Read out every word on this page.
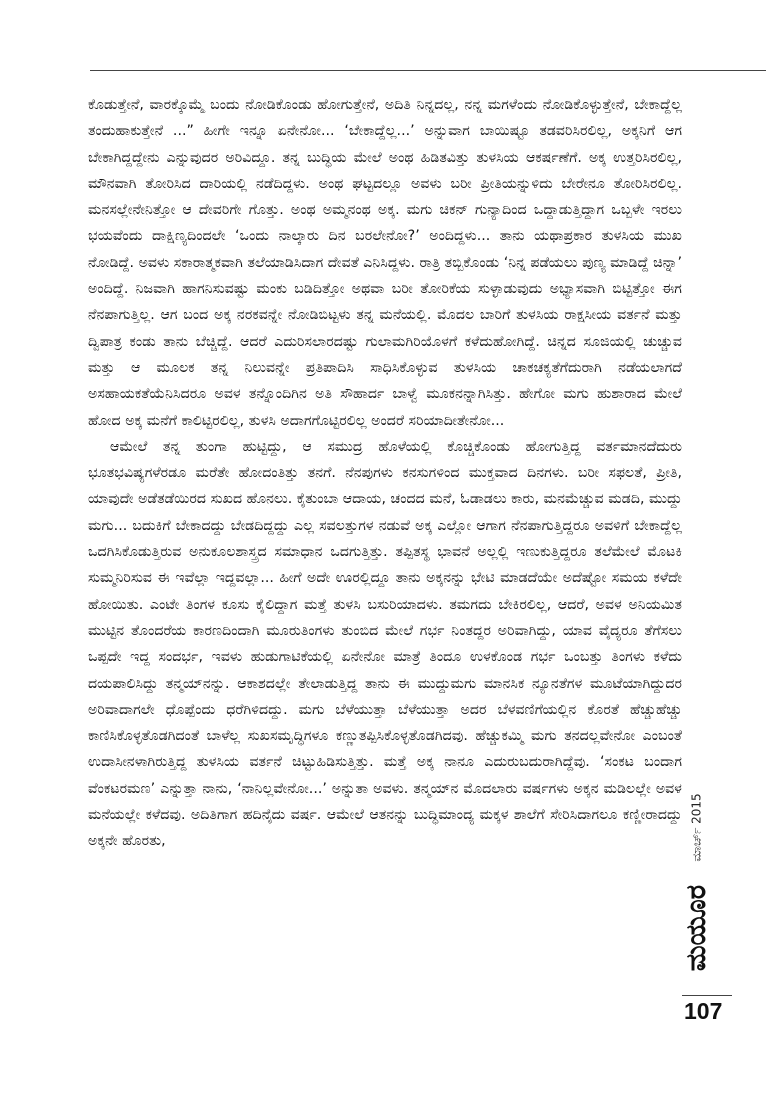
ಕೊಡುತ್ತೇನೆ, ವಾರಕ್ಕೊಮ್ಮೆ ಬಂದು ನೋಡಿಕೊಂಡು ಹೋಗುತ್ತೇನೆ, ಅದಿತಿ ನಿನ್ನದಲ್ಲ, ನನ್ನ ಮಗಳೆಂದು ನೋಡಿಕೊಳ್ಳುತ್ತೇನೆ, ಬೇಕಾದ್ದೆಲ್ಲ ತಂದುಹಾಕುತ್ತೇನೆ ...” ಹೀಗೇ ಇನ್ನೂ ಏನೇನೋ... ‘ಬೇಕಾದ್ದೆಲ್ಲ...’ ಅನ್ನುವಾಗ ಬಾಯಿಷ್ಟೂ ತಡವರಿಸಿರಲಿಲ್ಲ, ಅಕ್ಕನಿಗೆ ಆಗ ಬೇಕಾಗಿದ್ದದ್ದೇನು ಎನ್ನುವುದರ ಅರಿವಿದ್ದೂ. ತನ್ನ ಬುದ್ಧಿಯ ಮೇಲೆ ಅಂಥ ಹಿಡಿತವಿತ್ತು ತುಳಸಿಯ ಆಕರ್ಷಣೆಗೆ. ಅಕ್ಕ ಉತ್ತರಿಸಿರಲಿಲ್ಲ, ಮೌನವಾಗಿ ತೋರಿಸಿದ ದಾರಿಯಲ್ಲಿ ನಡೆದಿದ್ದಳು. ಅಂಥ ಘಟ್ಟದಲ್ಲೂ ಅವಳು ಬರೀ ಪ್ರೀತಿಯನ್ನುಳಿದು ಬೇರೇನೂ ತೋರಿಸಿರಲಿಲ್ಲ. ಮನಸಲ್ಲೇನೇನಿತ್ತೋ ಆ ದೇವರಿಗೇ ಗೊತ್ತು. ಅಂಥ ಅಮ್ಮನಂಥ ಅಕ್ಕ. ಮಗು ಚಿಕನ್ ಗುನ್ಯಾದಿಂದ ಒದ್ದಾಡುತ್ತಿದ್ದಾಗ ಒಬ್ಬಳೇ ಇರಲು ಭಯವೆಂದು ದಾಕ್ಷಿಣ್ಯದಿಂದಲೇ ‘ಒಂದು ನಾಲ್ಕಾರು ದಿನ ಬರಲೇನೋ?’ ಅಂದಿದ್ದಳು... ತಾನು ಯಥಾಪ್ರಕಾರ ತುಳಸಿಯ ಮುಖ ನೋಡಿದ್ದೆ. ಅವಳು ಸಕಾರಾತ್ಮಕವಾಗಿ ತಲೆಯಾಡಿಸಿದಾಗ ದೇವತೆ ಎನಿಸಿದ್ದಳು. ರಾತ್ರಿ ತಬ್ಬಿಕೊಂಡು ‘ನಿನ್ನ ಪಡೆಯಲು ಪುಣ್ಯ ಮಾಡಿದ್ದೆ ಚಿನ್ನಾ’ ಅಂದಿದ್ದೆ. ನಿಜವಾಗಿ ಹಾಗನಿಸುವಷ್ಟು ಮಂಕು ಬಡಿದಿತ್ತೋ ಅಥವಾ ಬರೀ ತೋರಿಕೆಯ ಸುಳ್ಳಾಡುವುದು ಅಭ್ಯಾಸವಾಗಿ ಬಿಟ್ಟಿತ್ತೋ ಈಗ ನೆನಪಾಗುತ್ತಿಲ್ಲ. ಆಗ ಬಂದ ಅಕ್ಕ ನರಕವನ್ನೇ ನೋಡಿಬಿಟ್ಟಳು ತನ್ನ ಮನೆಯಲ್ಲಿ. ಮೊದಲ ಬಾರಿಗೆ ತುಳಸಿಯ ರಾಕ್ಷಸೀಯ ವರ್ತನೆ ಮತ್ತು ದ್ವಿಪಾತ್ರ ಕಂಡು ತಾನು ಬೆಚ್ಚಿದ್ದೆ. ಆದರೆ ಎದುರಿಸಲಾರದಷ್ಟು ಗುಲಾಮಗಿರಿಯೊಳಗೆ ಕಳೆದುಹೋಗಿದ್ದೆ. ಚಿನ್ನದ ಸೂಜಿಯಲ್ಲಿ ಚುಚ್ಚುವ ಮತ್ತು ಆ ಮೂಲಕ ತನ್ನ ನಿಲುವನ್ನೇ ಪ್ರತಿಪಾದಿಸಿ ಸಾಧಿಸಿಕೊಳ್ಳುವ ತುಳಸಿಯ ಚಾಕಚಕ್ಯತೆಗೆದುರಾಗಿ ನಡೆಯಲಾಗದೆ ಅಸಹಾಯಕತೆಯೆನಿಸಿದರೂ ಅವಳ ತನ್ನೊಂದಿಗಿನ ಅತಿ ಸೌಹಾರ್ದ ಬಾಳ್ವೆ ಮೂಕನನ್ನಾಗಿಸಿತ್ತು. ಹೇಗೋ ಮಗು ಹುಶಾರಾದ ಮೇಲೆ ಹೋದ ಅಕ್ಕ ಮನೆಗೆ ಕಾಲಿಟ್ಟಿರಲಿಲ್ಲ, ತುಳಸಿ ಅದಾಗಗೊಟ್ಟಿರಲಿಲ್ಲ ಅಂದರೆ ಸರಿಯಾದೀತೇನೋ...

ಆಮೇಲೆ ತನ್ನ ತುಂಗಾ ಹುಟ್ಟಿದ್ದು, ಆ ಸಮುದ್ರ ಹೊಳೆಯಲ್ಲಿ ಕೊಚ್ಚಿಕೊಂಡು ಹೋಗುತ್ತಿದ್ದ ವರ್ತಮಾನದೆದುರು ಭೂತಭವಿಷ್ಯಗಳೆರಡೂ ಮರೆತೇ ಹೋದಂತಿತ್ತು ತನಗೆ. ನೆನಪುಗಳು ಕನಸುಗಳಿಂದ ಮುಕ್ತವಾದ ದಿನಗಳು. ಬರೀ ಸಫಲತೆ, ಪ್ರೀತಿ, ಯಾವುದೇ ಅಡೆತಡೆಯಿರದ ಸುಖದ ಹೊನಲು. ಕೈತುಂಬಾ ಆದಾಯ, ಚಂದದ ಮನೆ, ಓಡಾಡಲು ಕಾರು, ಮನಮೆಚ್ಚುವ ಮಡದಿ, ಮುದ್ದು ಮಗು... ಬದುಕಿಗೆ ಬೇಕಾದದ್ದು ಬೇಡದಿದ್ದದ್ದು ಎಲ್ಲ ಸವಲತ್ತುಗಳ ನಡುವೆ ಅಕ್ಕ ಎಲ್ಲೋ ಆಗಾಗ ನೆನಪಾಗುತ್ತಿದ್ದರೂ ಅವಳಿಗೆ ಬೇಕಾದ್ದೆಲ್ಲ ಒದಗಿಸಿಕೊಡುತ್ತಿರುವ ಅನುಕೂಲಶಾಸ್ತ್ರದ ಸಮಾಧಾನ ಒದಗುತ್ತಿತ್ತು. ತಪ್ಪಿತಸ್ಥ ಭಾವನೆ ಅಲ್ಲಲ್ಲಿ ಇಣುಕುತ್ತಿದ್ದರೂ ತಲೆಮೇಲೆ ಮೊಟಕಿ ಸುಮ್ಮನಿರಿಸುವ ಈ ಇವೆಲ್ಲಾ ಇದ್ದವಲ್ಲಾ... ಹೀಗೆ ಅದೇ ಊರಲ್ಲಿದ್ದೂ ತಾನು ಅಕ್ಕನನ್ನು ಭೇಟಿ ಮಾಡದೆಯೇ ಅದೆಷ್ಟೋ ಸಮಯ ಕಳೆದೇ ಹೋಯಿತು. ಎಂಟೇ ತಿಂಗಳ ಕೂಸು ಕೈಲಿದ್ದಾಗ ಮತ್ತೆ ತುಳಸಿ ಬಸುರಿಯಾದಳು. ತಮಗದು ಬೇಕಿರಲಿಲ್ಲ, ಆದರೆ, ಅವಳ ಅನಿಯಮಿತ ಮುಟ್ಟಿನ ತೊಂದರೆಯ ಕಾರಣದಿಂದಾಗಿ ಮೂರುತಿಂಗಳು ತುಂಬಿದ ಮೇಲೆ ಗರ್ಭ ನಿಂತದ್ದರ ಅರಿವಾಗಿದ್ದು, ಯಾವ ವೈದ್ಯರೂ ತೆಗೆಸಲು ಒಪ್ಪದೇ ಇದ್ದ ಸಂದರ್ಭ, ಇವಳು ಹುಡುಗಾಟಿಕೆಯಲ್ಲಿ ಏನೇನೋ ಮಾತ್ರೆ ತಿಂದೂ ಉಳಕೊಂಡ ಗರ್ಭ ಒಂಬತ್ತು ತಿಂಗಳು ಕಳೆದು ದಯಪಾಲಿಸಿದ್ದು ತನ್ಮಯ್‌ನನ್ನು. ಆಕಾಶದಲ್ಲೇ ತೇಲಾಡುತ್ತಿದ್ದ ತಾನು ಈ ಮುದ್ದುಮಗು ಮಾನಸಿಕ ನ್ಯೂನತೆಗಳ ಮೂಟೆಯಾಗಿದ್ದುದರ ಅರಿವಾದಾಗಲೇ ಧೊಪ್ಪೆಂದು ಧರೆಗಿಳಿದದ್ದು. ಮಗು ಬೆಳೆಯುತ್ತಾ ಬೆಳೆಯುತ್ತಾ ಅದರ ಬೆಳವಣಿಗೆಯಲ್ಲಿನ ಕೊರತೆ ಹೆಚ್ಚುಹೆಚ್ಚು ಕಾಣಿಸಿಕೊಳ್ಳತೊಡಗಿದಂತೆ ಬಾಳೆಲ್ಲ ಸುಖಸಮೃದ್ಧಿಗಳೂ ಕಣ್ಣುತಪ್ಪಿಸಿಕೊಳ್ಳತೊಡಗಿದವು. ಹೆಚ್ಚುಕಮ್ಮಿ ಮಗು ತನದಲ್ಲವೇನೋ ಎಂಬಂತೆ ಉದಾಸೀನಳಾಗಿರುತ್ತಿದ್ದ ತುಳಸಿಯ ವರ್ತನೆ ಚಿಟ್ಟುಹಿಡಿಸುತ್ತಿತ್ತು. ಮತ್ತೆ ಅಕ್ಕ ನಾನೂ ಎದುರುಬದುರಾಗಿದ್ದೆವು. ‘ಸಂಕಟ ಬಂದಾಗ ವೆಂಕಟರಮಣ’ ಎನ್ನುತ್ತಾ ನಾನು, ‘ನಾನಿಲ್ಲವೇನೋ...’ ಅನ್ನುತಾ ಅವಳು. ತನ್ಮಯ್‌ನ ಮೊದಲಾರು ವರ್ಷಗಳು ಅಕ್ಕನ ಮಡಿಲಲ್ಲೇ ಅವಳ ಮನೆಯಲ್ಲೇ ಕಳೆದವು. ಅದಿತಿಗಾಗ ಹದಿನೈದು ವರ್ಷ. ಆಮೇಲೆ ಆತನನ್ನು ಬುದ್ಧಿಮಾಂದ್ಯ ಮಕ್ಕಳ ಶಾಲೆಗೆ ಸೇರಿಸಿದಾಗಲೂ ಕಣ್ಣೀರಾದದ್ದು ಅಕ್ಕನೇ ಹೊರತು,	ಮಾರ್ಚ್ 2015
ಮಯೂರ
107
